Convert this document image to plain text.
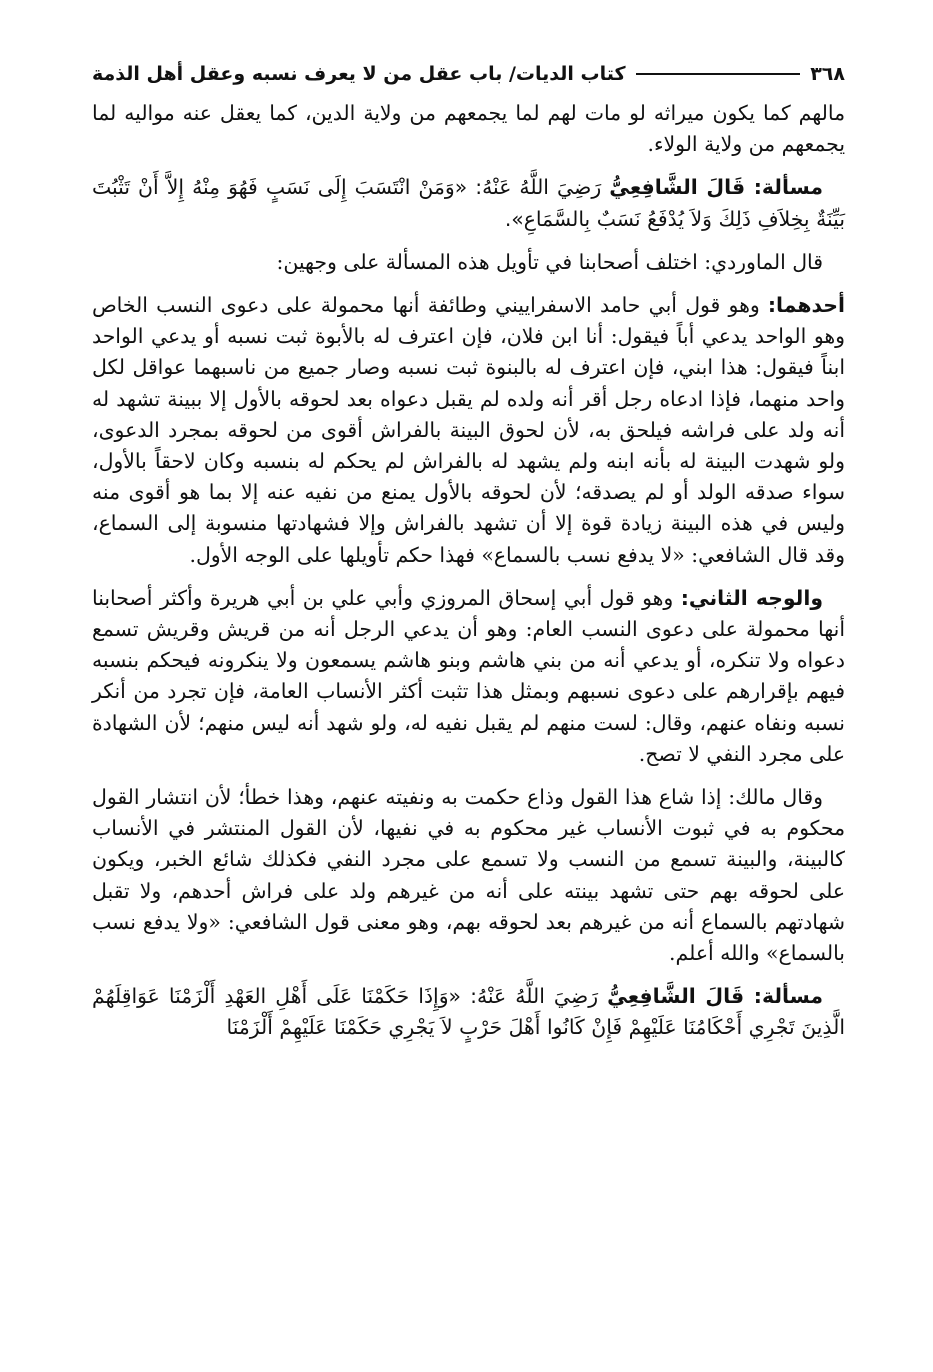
٣٦٨
كتاب الديات/ باب عقل من لا يعرف نسبه وعقل أهل الذمة

مالهم كما يكون ميراثه لو مات لهم لما يجمعهم من ولاية الدين، كما يعقل عنه مواليه لما يجمعهم من ولاية الولاء.

مسألة: قَالَ الشَّافِعِيُّ رَضِيَ اللَّهُ عَنْهُ: «وَمَنْ انْتَسَبَ إِلَى نَسَبٍ فَهُوَ مِنْهُ إِلاَّ أَنْ تَثْبُتَ بَيِّنَةٌ بِخِلاَفِ ذَلِكَ وَلاَ يُدْفَعُ نَسَبٌ بِالسَّمَاعِ».

قال الماوردي: اختلف أصحابنا في تأويل هذه المسألة على وجهين:

أحدهما: وهو قول أبي حامد الاسفراييني وطائفة أنها محمولة على دعوى النسب الخاص وهو الواحد يدعي أباً فيقول: أنا ابن فلان، فإن اعترف له بالأبوة ثبت نسبه أو يدعي الواحد ابناً فيقول: هذا ابني، فإن اعترف له بالبنوة ثبت نسبه وصار جميع من ناسبهما عواقل لكل واحد منهما، فإذا ادعاه رجل أقر أنه ولده لم يقبل دعواه بعد لحوقه بالأول إلا ببينة تشهد له أنه ولد على فراشه فيلحق به، لأن لحوق البينة بالفراش أقوى من لحوقه بمجرد الدعوى، ولو شهدت البينة له بأنه ابنه ولم يشهد له بالفراش لم يحكم له بنسبه وكان لاحقاً بالأول، سواء صدقه الولد أو لم يصدقه؛ لأن لحوقه بالأول يمنع من نفيه عنه إلا بما هو أقوى منه وليس في هذه البينة زيادة قوة إلا أن تشهد بالفراش وإلا فشهادتها منسوبة إلى السماع، وقد قال الشافعي: «لا يدفع نسب بالسماع» فهذا حكم تأويلها على الوجه الأول.

والوجه الثاني: وهو قول أبي إسحاق المروزي وأبي علي بن أبي هريرة وأكثر أصحابنا أنها محمولة على دعوى النسب العام: وهو أن يدعي الرجل أنه من قريش وقريش تسمع دعواه ولا تنكره، أو يدعي أنه من بني هاشم وبنو هاشم يسمعون ولا ينكرونه فيحكم بنسبه فيهم بإقرارهم على دعوى نسبهم وبمثل هذا تثبت أكثر الأنساب العامة، فإن تجرد من أنكر نسبه ونفاه عنهم، وقال: لست منهم لم يقبل نفيه له، ولو شهد أنه ليس منهم؛ لأن الشهادة على مجرد النفي لا تصح.

وقال مالك: إذا شاع هذا القول وذاع حكمت به ونفيته عنهم، وهذا خطأ؛ لأن انتشار القول محكوم به في ثبوت الأنساب غير محكوم به في نفيها، لأن القول المنتشر في الأنساب كالبينة، والبينة تسمع من النسب ولا تسمع على مجرد النفي فكذلك شائع الخبر، ويكون على لحوقه بهم حتى تشهد بينته على أنه من غيرهم ولد على فراش أحدهم، ولا تقبل شهادتهم بالسماع أنه من غيرهم بعد لحوقه بهم، وهو معنى قول الشافعي: «ولا يدفع نسب بالسماع» والله أعلم.

مسألة: قَالَ الشَّافِعِيُّ رَضِيَ اللَّهُ عَنْهُ: «وَإِذَا حَكَمْنَا عَلَى أَهْلِ العَهْدِ أَلْزَمْنَا عَوَاقِلَهُمْ الَّذِينَ تَجْرِي أَحْكَامُنَا عَلَيْهِمْ فَإِنْ كَانُوا أَهْلَ حَرْبٍ لاَ يَجْرِي حَكَمْنَا عَلَيْهِمْ أَلْزَمْنَا
